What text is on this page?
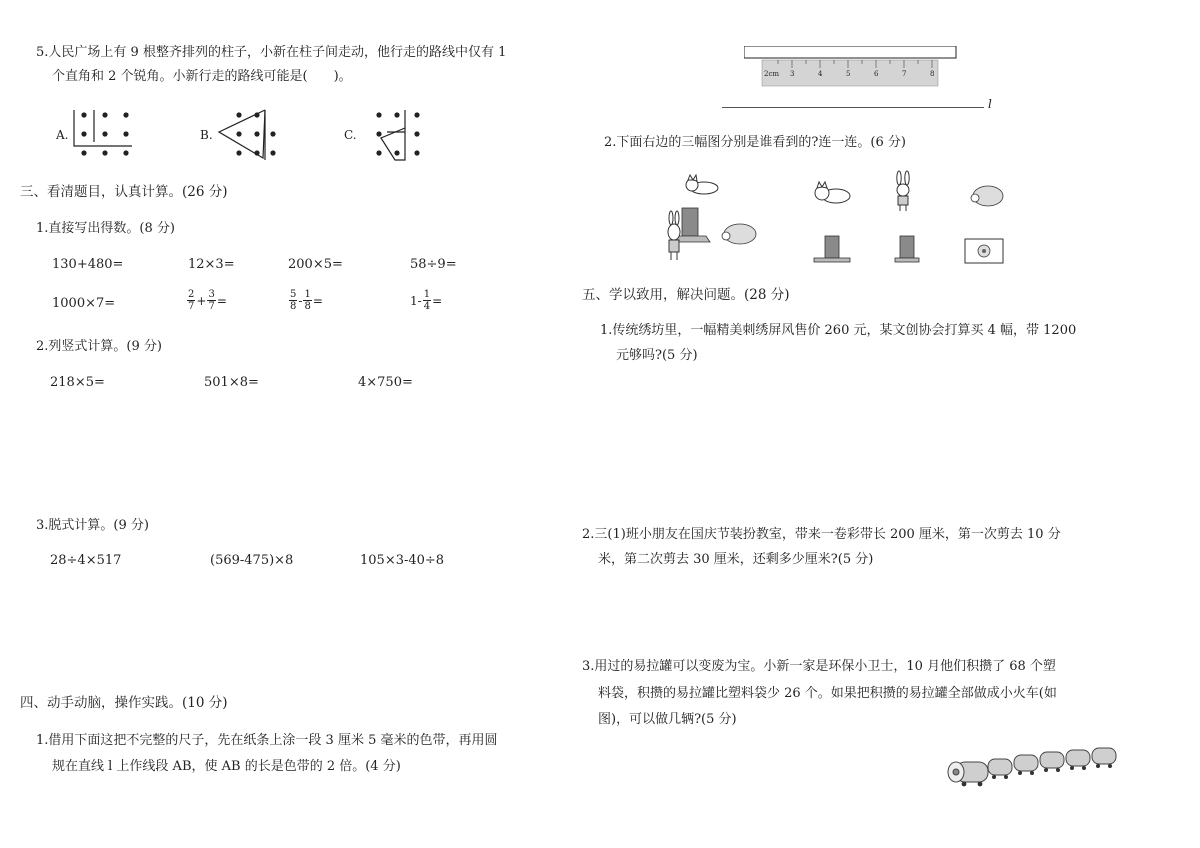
5.人民广场上有 9 根整齐排列的柱子，小新在柱子间走动，他行走的路线中仅有 1
个直角和 2 个锐角。小新行走的路线可能是(　　)。
A.	B.	C.
三、看清题目，认真计算。(26 分)
1.直接写出得数。(8 分)
130+480=	12×3=	200×5=	58÷9=
1000×7=	$\frac{2}{7} + \frac{3}{7}$ =	$\frac{5}{8} - \frac{1}{8}$ =	$1- \frac{1}{4}$ =
2.列竖式计算。(9 分)
218×5=	501×8=	4×750=
3.脱式计算。(9 分)
28÷4×517	(569-475)×8	105×3-40÷8
四、动手动脑，操作实践。(10 分)
1.借用下面这把不完整的尺子，先在纸条上涂一段 3 厘米 5 毫米的色带，再用圆
规在直线 l 上作线段 AB，使 AB 的长是色带的 2 倍。(4 分)
2cm 3	4	5	6	7	8
l
2.下面右边的三幅图分别是谁看到的?连一连。(6 分)
五、学以致用，解决问题。(28 分)
1.传统绣坊里，一幅精美刺绣屏风售价 260 元，某文创协会打算买 4 幅，带 1200
元够吗?(5 分)
2.三(1)班小朋友在国庆节装扮教室，带来一卷彩带长 200 厘米，第一次剪去 10 分
米，第二次剪去 30 厘米，还剩多少厘米?(5 分)
3.用过的易拉罐可以变废为宝。小新一家是环保小卫士，10 月他们积攒了 68 个塑
料袋，积攒的易拉罐比塑料袋少 26 个。如果把积攒的易拉罐全部做成小火车(如
图)，可以做几辆?(5 分)
